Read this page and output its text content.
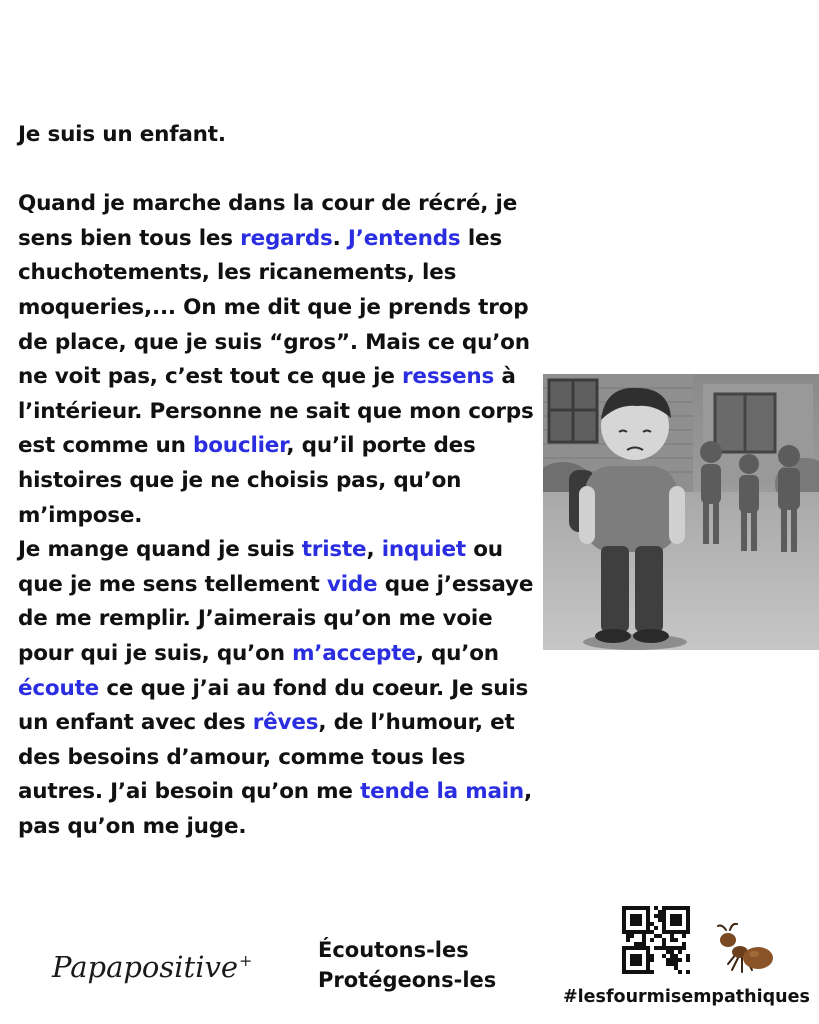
Je suis un enfant.

Quand je marche dans la cour de récré, je sens bien tous les regards. J’entends les chuchotements, les ricanements, les moqueries,... On me dit que je prends trop de place, que je suis “gros”. Mais ce qu’on ne voit pas, c’est tout ce que je ressens à l’intérieur. Personne ne sait que mon corps est comme un bouclier, qu’il porte des histoires que je ne choisis pas, qu’on m’impose.

Je mange quand je suis triste, inquiet ou que je me sens tellement vide que j’essaye de me remplir. J’aimerais qu’on me voie pour qui je suis, qu’on m’accepte, qu’on écoute ce que j’ai au fond du coeur. Je suis un enfant avec des rêves, de l’humour, et des besoins d’amour, comme tous les autres. J’ai besoin qu’on me tende la main, pas qu’on me juge.

Papapositive+	Écoutons-les
Protégeons-les
#lesfourmisempathiques
